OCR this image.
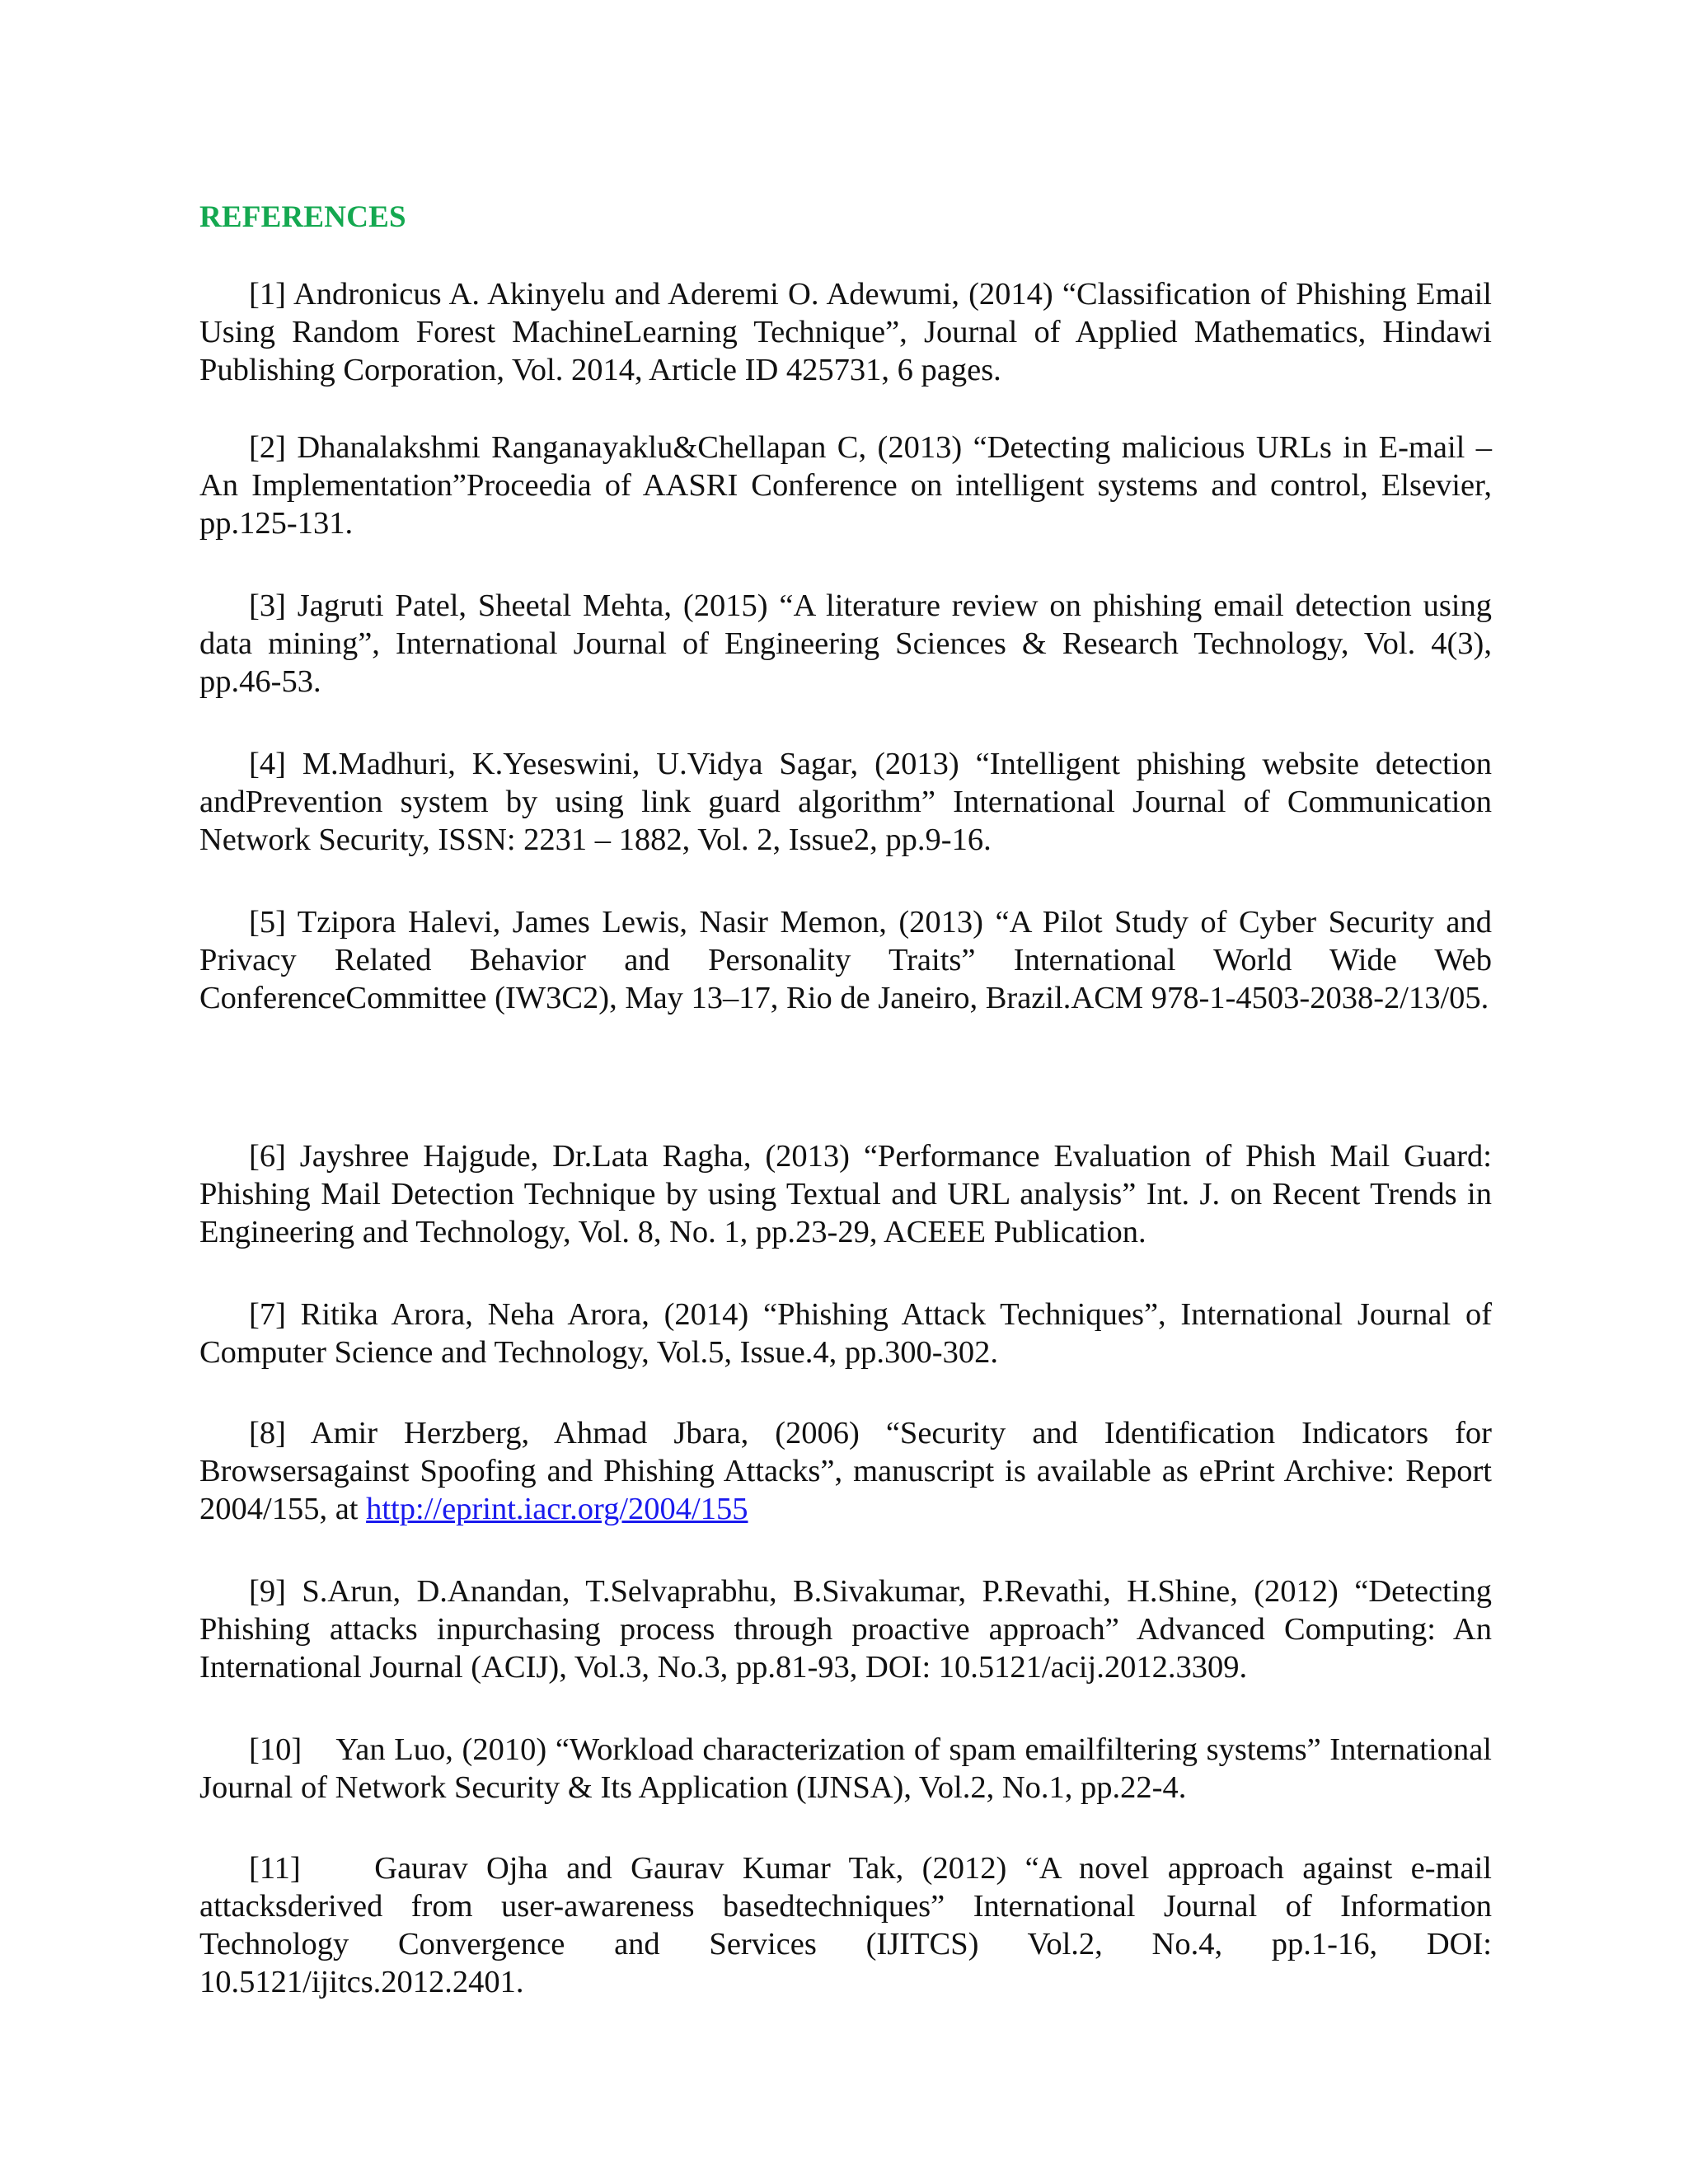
REFERENCES
[1] Andronicus A. Akinyelu and Aderemi O. Adewumi, (2014) “Classification of Phishing Email Using Random Forest MachineLearning Technique”, Journal of Applied Mathematics, Hindawi Publishing Corporation, Vol. 2014, Article ID 425731, 6 pages.
[2] Dhanalakshmi Ranganayaklu&Chellapan C, (2013) “Detecting malicious URLs in E-mail – An Implementation”Proceedia of AASRI Conference on intelligent systems and control, Elsevier, pp.125-131.
[3] Jagruti Patel, Sheetal Mehta, (2015) “A literature review on phishing email detection using data mining”, International Journal of Engineering Sciences & Research Technology, Vol. 4(3), pp.46-53.
[4] M.Madhuri, K.Yeseswini, U.Vidya Sagar, (2013) “Intelligent phishing website detection andPrevention system by using link guard algorithm” International Journal of Communication Network Security, ISSN: 2231 – 1882, Vol. 2, Issue2, pp.9-16.
[5] Tzipora Halevi, James Lewis, Nasir Memon, (2013) “A Pilot Study of Cyber Security and Privacy Related Behavior and Personality Traits” International World Wide Web ConferenceCommittee (IW3C2), May 13–17, Rio de Janeiro, Brazil.ACM 978-1-4503-2038-2/13/05.
[6] Jayshree Hajgude, Dr.Lata Ragha, (2013) “Performance Evaluation of Phish Mail Guard: Phishing Mail Detection Technique by using Textual and URL analysis” Int. J. on Recent Trends in Engineering and Technology, Vol. 8, No. 1, pp.23-29, ACEEE Publication.
[7] Ritika Arora, Neha Arora, (2014) “Phishing Attack Techniques”, International Journal of Computer Science and Technology, Vol.5, Issue.4, pp.300-302.
[8] Amir Herzberg, Ahmad Jbara, (2006) “Security and Identification Indicators for Browsersagainst Spoofing and Phishing Attacks”, manuscript is available as ePrint Archive: Report 2004/155, at http://eprint.iacr.org/2004/155
[9] S.Arun, D.Anandan, T.Selvaprabhu, B.Sivakumar, P.Revathi, H.Shine, (2012) “Detecting Phishing attacks inpurchasing process through proactive approach” Advanced Computing: An International Journal (ACIJ), Vol.3, No.3, pp.81-93, DOI: 10.5121/acij.2012.3309.
[10] Yan Luo, (2010) “Workload characterization of spam emailfiltering systems” International Journal of Network Security & Its Application (IJNSA), Vol.2, No.1, pp.22-4.
[11] Gaurav Ojha and Gaurav Kumar Tak, (2012) “A novel approach against e-mail attacksderived from user-awareness basedtechniques” International Journal of Information Technology Convergence and Services (IJITCS) Vol.2, No.4, pp.1-16, DOI: 10.5121/ijitcs.2012.2401.
